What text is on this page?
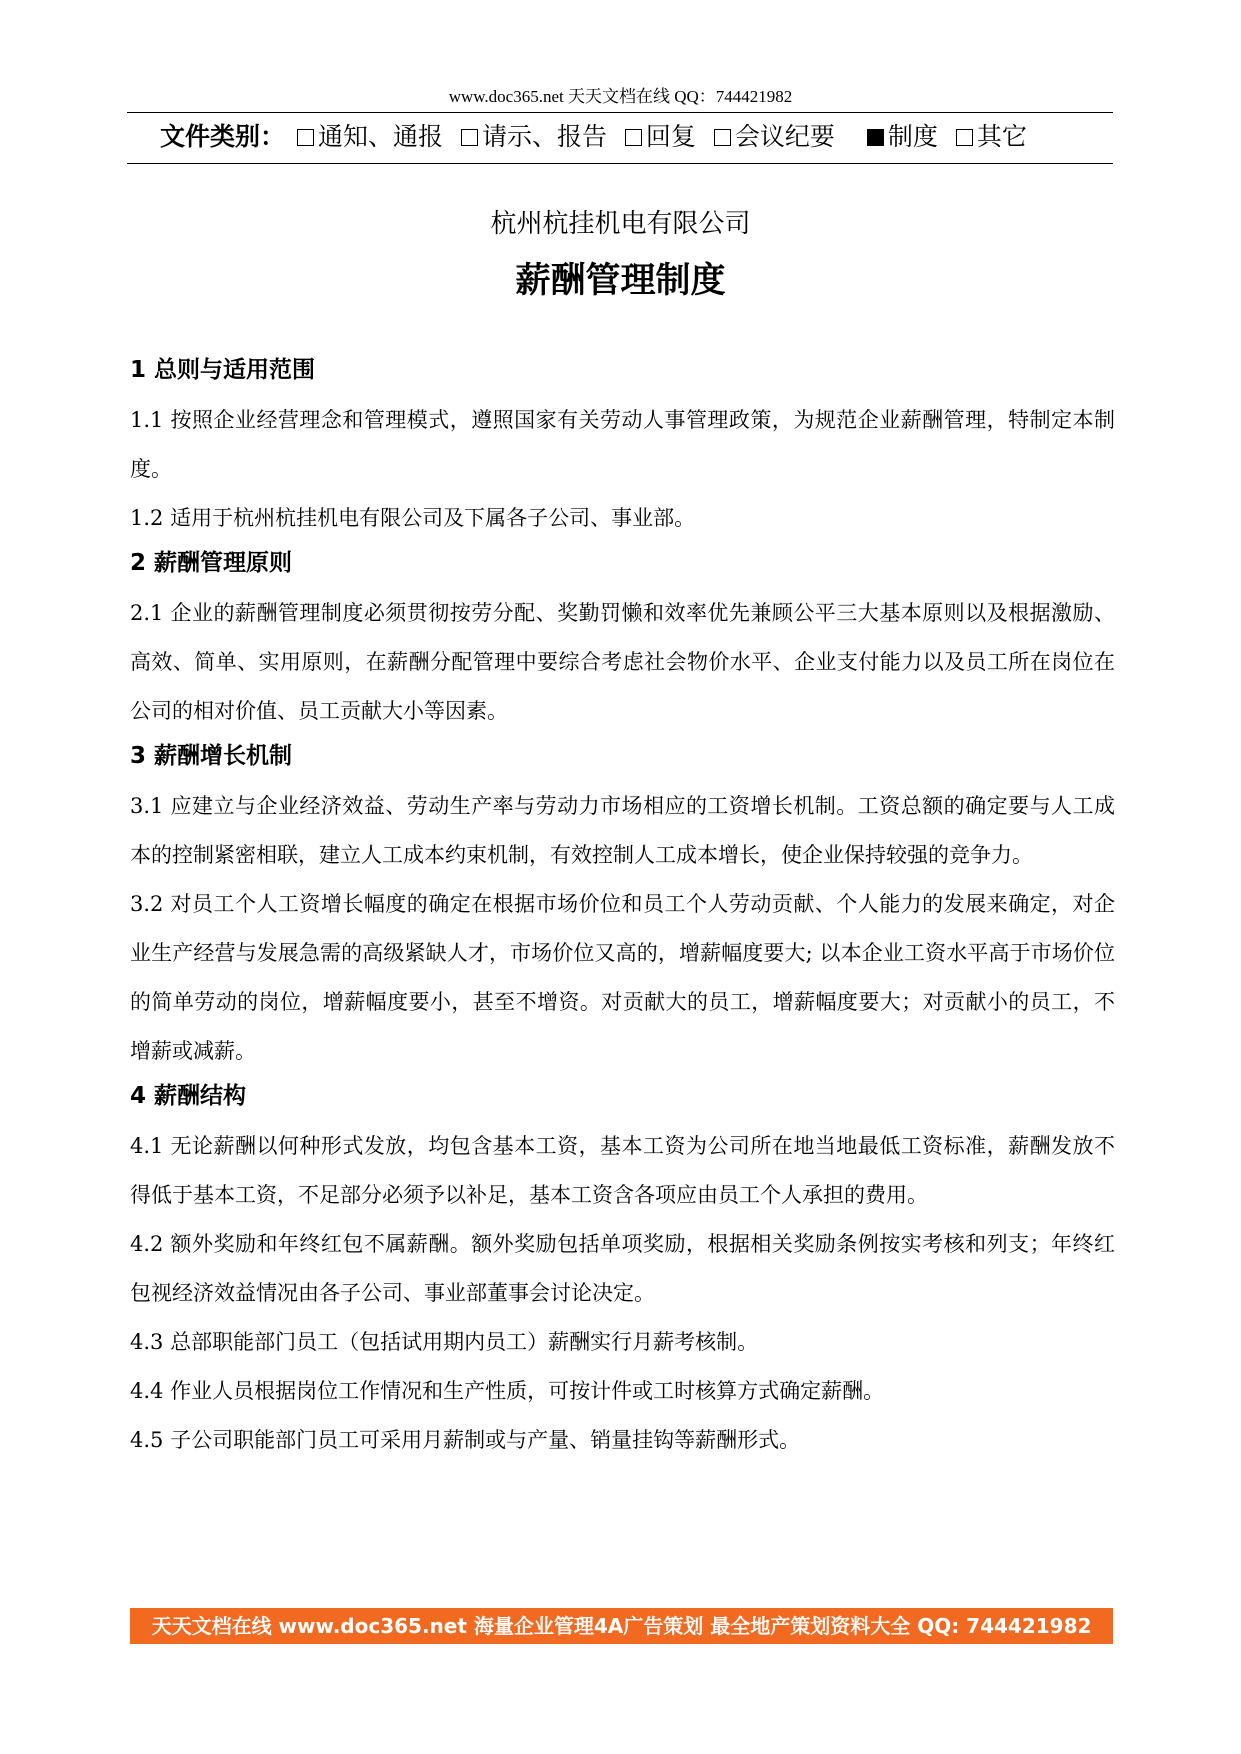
www.doc365.net 天天文档在线 QQ：744421982
文件类别： 通知、通报 请示、报告 回复 会议纪要 制度 其它
杭州杭挂机电有限公司
薪酬管理制度
1 总则与适用范围

1.1 按照企业经营理念和管理模式，遵照国家有关劳动人事管理政策，为规范企业薪酬管理，特制定本制度。

1.2 适用于杭州杭挂机电有限公司及下属各子公司、事业部。

2 薪酬管理原则

2.1 企业的薪酬管理制度必须贯彻按劳分配、奖勤罚懒和效率优先兼顾公平三大基本原则以及根据激励、高效、简单、实用原则，在薪酬分配管理中要综合考虑社会物价水平、企业支付能力以及员工所在岗位在公司的相对价值、员工贡献大小等因素。

3 薪酬增长机制

3.1 应建立与企业经济效益、劳动生产率与劳动力市场相应的工资增长机制。工资总额的确定要与人工成本的控制紧密相联，建立人工成本约束机制，有效控制人工成本增长，使企业保持较强的竞争力。

3.2 对员工个人工资增长幅度的确定在根据市场价位和员工个人劳动贡献、个人能力的发展来确定，对企业生产经营与发展急需的高级紧缺人才，市场价位又高的，增薪幅度要大; 以本企业工资水平高于市场价位的简单劳动的岗位，增薪幅度要小，甚至不增资。对贡献大的员工，增薪幅度要大；对贡献小的员工，不增薪或减薪。

4 薪酬结构

4.1 无论薪酬以何种形式发放，均包含基本工资，基本工资为公司所在地当地最低工资标准，薪酬发放不得低于基本工资，不足部分必须予以补足，基本工资含各项应由员工个人承担的费用。

4.2 额外奖励和年终红包不属薪酬。额外奖励包括单项奖励，根据相关奖励条例按实考核和列支；年终红包视经济效益情况由各子公司、事业部董事会讨论决定。

4.3 总部职能部门员工（包括试用期内员工）薪酬实行月薪考核制。

4.4 作业人员根据岗位工作情况和生产性质，可按计件或工时核算方式确定薪酬。

4.5 子公司职能部门员工可采用月薪制或与产量、销量挂钩等薪酬形式。

天天文档在线 www.doc365.net 海量企业管理4A广告策划 最全地产策划资料大全 QQ: 744421982
